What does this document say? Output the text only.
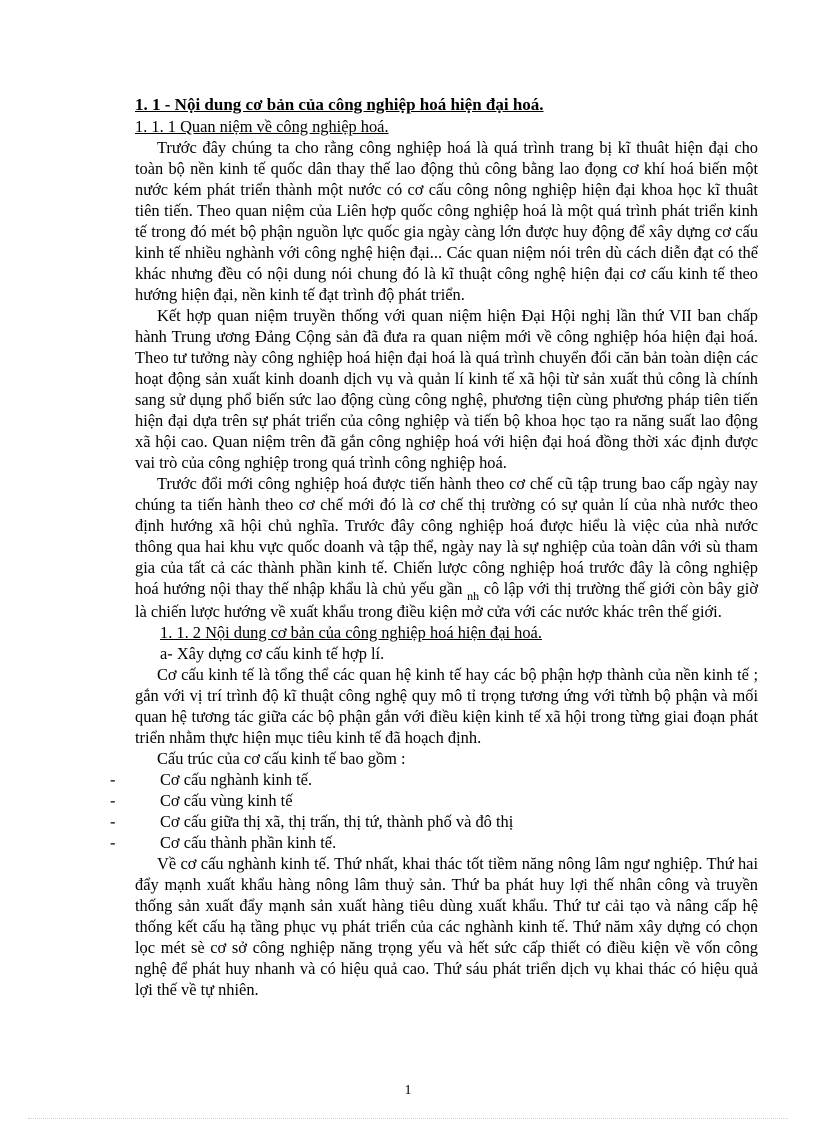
1. 1 - Nội dung cơ bản của công nghiệp hoá hiện đại hoá.
1. 1. 1 Quan niệm về công nghiệp hoá.

Trước đây chúng ta cho rằng công nghiệp hoá là quá trình trang bị kĩ thuât hiện đại cho toàn bộ nền kinh tế quốc dân thay thế lao động thủ công bằng lao đọng cơ khí hoá biến một nước kém phát triển thành một nước có cơ cấu công nông nghiệp hiện đại khoa học kĩ thuât tiên tiến. Theo quan niệm của Liên hợp quốc công nghiệp hoá là một quá trình phát triển kinh tế trong đó mét bộ phận nguồn lực quốc gia ngày càng lớn được huy động để xây dựng cơ cấu kinh tế nhiều nghành với công nghệ hiện đại... Các quan niệm nói trên dù cách diễn đạt có thể khác nhưng đều có nội dung nói chung đó là kĩ thuật công nghệ hiện đại cơ cấu kinh tế theo hướng hiện đại, nền kinh tế đạt trình độ phát triển.

Kết hợp quan niệm truyền thống với quan niệm hiện Đại Hội nghị lần thứ VII ban chấp hành Trung ương Đảng Cộng sản đã đưa ra quan niệm mới về công nghiệp hóa hiện đại hoá. Theo tư tưởng này công nghiệp hoá hiện đại hoá là quá trình chuyển đổi căn bản toàn diện các hoạt động sản xuất kinh doanh dịch vụ và quản lí kinh tế xã hội từ sản xuất thủ công là chính sang sử dụng phổ biến sức lao động cùng công nghệ, phương tiện cùng phương pháp tiên tiến hiện đại dựa trên sự phát triển của công nghiệp và tiến bộ khoa học tạo ra năng suất lao động xã hội cao. Quan niệm trên đã gắn công nghiệp hoá với hiện đại hoá đồng thời xác định được vai trò của công nghiệp trong quá trình công nghiệp hoá.

Trước đổi mới công nghiệp hoá được tiến hành theo cơ chế cũ tập trung bao cấp ngày nay chúng ta tiến hành theo cơ chế mới đó là cơ chế thị trường có sự quản lí của nhà nước theo định hướng xã hội chủ nghĩa. Trước đây công nghiệp hoá được hiểu là việc của nhà nước thông qua hai khu vực quốc doanh và tập thể, ngày nay là sự nghiệp của toàn dân với sù tham gia của tất cả các thành phần kinh tế. Chiến lược công nghiệp hoá trước đây là công nghiệp hoá hướng nội thay thế nhập khẩu là chủ yếu gần $_{nh}$ cô lập với thị trường thế giới còn bây giờ là chiến lược hướng về xuất khẩu trong điều kiện mở cửa với các nước khác trên thế giới.

1. 1. 2 Nội dung cơ bản của công nghiệp hoá hiện đại hoá.
a- Xây dựng cơ cấu kinh tế hợp lí.

Cơ cấu kinh tế là tổng thể các quan hệ kinh tế hay các bộ phận hợp thành của nền kinh tế ; gắn với vị trí trình độ kĩ thuật công nghệ quy mô tỉ trọng tương ứng với từnh bộ phận và mối quan hệ tương tác giữa các bộ phận gắn với điều kiện kinh tế xã hội trong từng giai đoạn phát triển nhằm thực hiện mục tiêu kinh tế đã hoạch định.

Cấu trúc của cơ cấu kinh tế bao gồm :

-	Cơ cấu nghành kinh tế.
-	Cơ cấu vùng kinh tế
-	Cơ cấu giữa thị xã, thị trấn, thị tứ, thành phố và đô thị
-	Cơ cấu thành phần kinh tế.

Về cơ cấu nghành kinh tế. Thứ nhất, khai thác tốt tiềm năng nông lâm ngư nghiệp. Thứ hai đẩy mạnh xuất khẩu hàng nông lâm thuỷ sản. Thứ ba phát huy lợi thế nhân công và truyền thống sản xuất đẩy mạnh sản xuất hàng tiêu dùng xuất khẩu. Thứ tư cải tạo và nâng cấp hệ thống kết cấu hạ tầng phục vụ phát triển của các nghành kinh tế. Thứ năm xây dựng có chọn lọc mét sè cơ sở công nghiệp năng trọng yếu và hết sức cấp thiết có điều kiện về vốn công nghệ để phát huy nhanh và có hiệu quả cao. Thứ sáu phát triển dịch vụ khai thác có hiệu quả lợi thế về tự nhiên.

1
